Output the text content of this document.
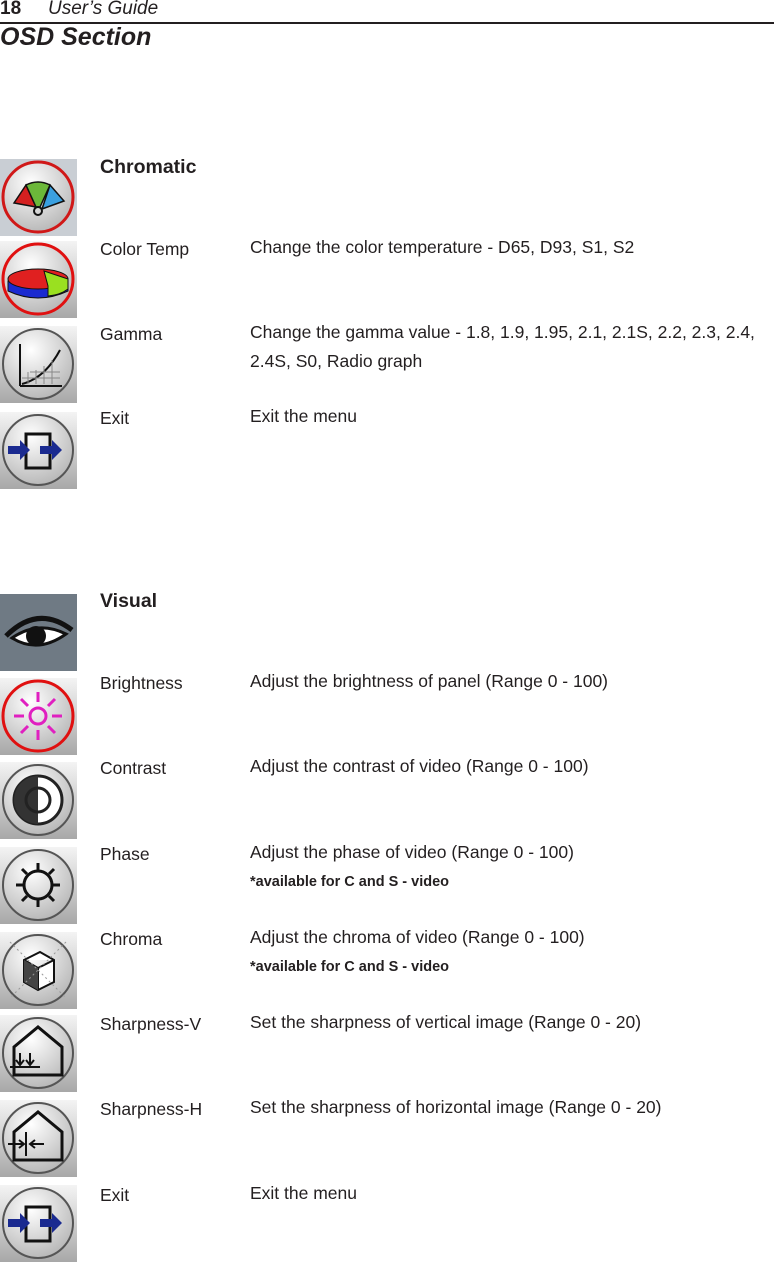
18 User’s Guide
OSD Section
Chromatic
Color Temp	Change the color temperature - D65, D93, S1, S2
Gamma	Change the gamma value - 1.8, 1.9, 1.95, 2.1, 2.1S, 2.2, 2.3, 2.4, 2.4S, S0, Radio graph
Exit	Exit the menu
Visual
Brightness	Adjust the brightness of panel (Range 0 - 100)
Contrast	Adjust the contrast of video (Range 0 - 100)
Phase	Adjust the phase of video (Range 0 - 100)
*available for C and S - video
Chroma	Adjust the chroma of video (Range 0 - 100)
*available for C and S - video
Sharpness-V	Set the sharpness of vertical image (Range 0 - 20)
Sharpness-H	Set the sharpness of horizontal image (Range 0 - 20)
Exit	Exit the menu
